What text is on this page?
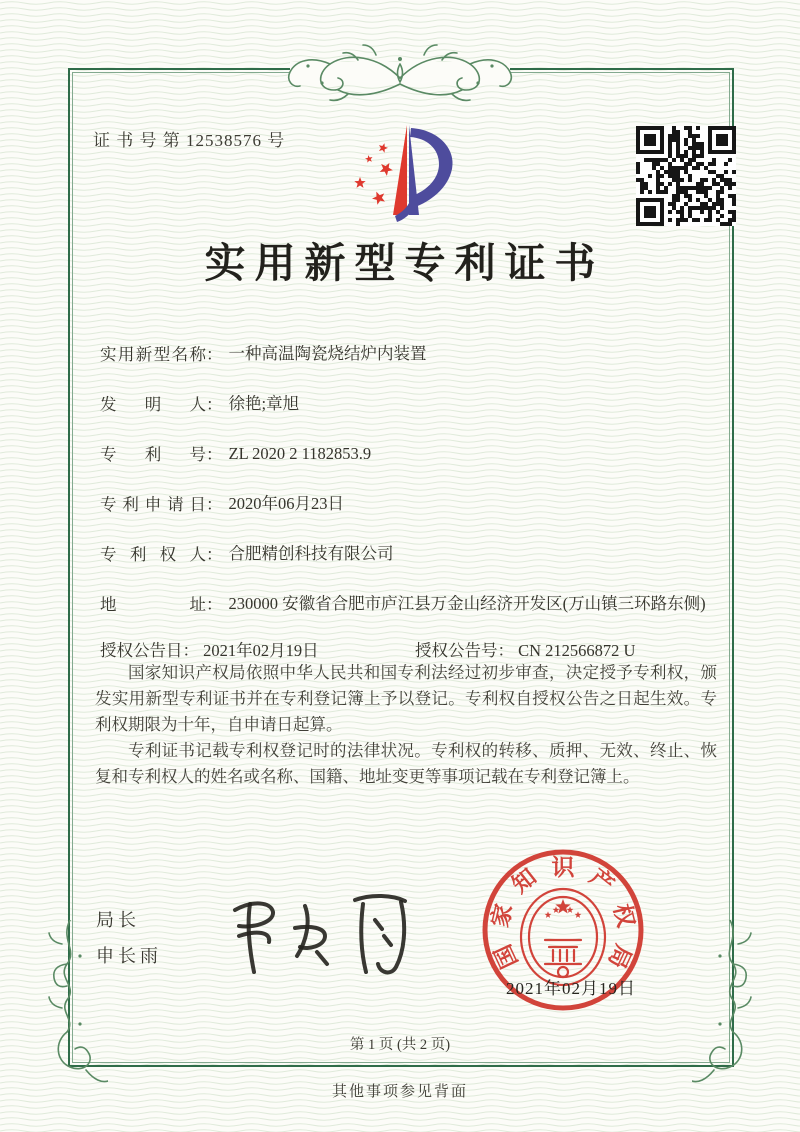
证 书 号 第 12538576 号
实用新型专利证书
实用新型名称： 一种高温陶瓷烧结炉内装置
发明人： 徐艳;章旭
专利号： ZL 2020 2 1182853.9
专利申请日： 2020年06月23日
专利权人： 合肥精创科技有限公司
地址： 230000 安徽省合肥市庐江县万金山经济开发区(万山镇三环路东侧)
授权公告日： 2021年02月19日	授权公告号： CN 212566872 U

国家知识产权局依照中华人民共和国专利法经过初步审查，决定授予专利权，颁发实用新型专利证书并在专利登记簿上予以登记。专利权自授权公告之日起生效。专利权期限为十年，自申请日起算。

专利证书记载专利权登记时的法律状况。专利权的转移、质押、无效、终止、恢复和专利权人的姓名或名称、国籍、地址变更等事项记载在专利登记簿上。

局长
申长雨	国
家
知 识 产
权
局
2021年02月19日
第 1 页 (共 2 页)
其他事项参见背面
